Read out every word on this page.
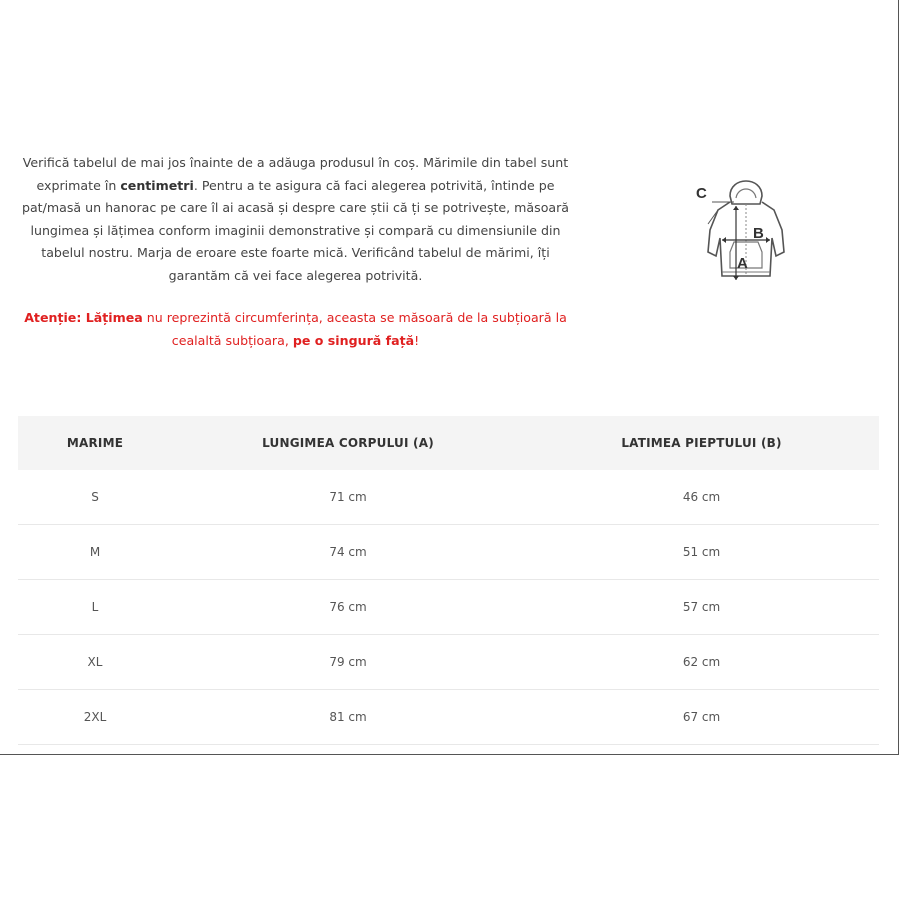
Verifică tabelul de mai jos înainte de a adăuga produsul în coș. Mărimile din tabel sunt exprimate în centimetri. Pentru a te asigura că faci alegerea potrivită, întinde pe pat/masă un hanorac pe care îl ai acasă și despre care știi că ți se potrivește, măsoară lungimea și lățimea conform imaginii demonstrative și compară cu dimensiunile din tabelul nostru. Marja de eroare este foarte mică. Verificând tabelul de mărimi, îți garantăm că vei face alegerea potrivită.

Atenție: Lățimea nu reprezintă circumferința, aceasta se măsoară de la subțioară la cealaltă subțioara, pe o singură față!

C
B
A
MARIME	LUNGIMEA CORPULUI (A)	LATIMEA PIEPTULUI (B)
S	71 cm	46 cm
M	74 cm	51 cm
L	76 cm	57 cm
XL	79 cm	62 cm
2XL	81 cm	67 cm
